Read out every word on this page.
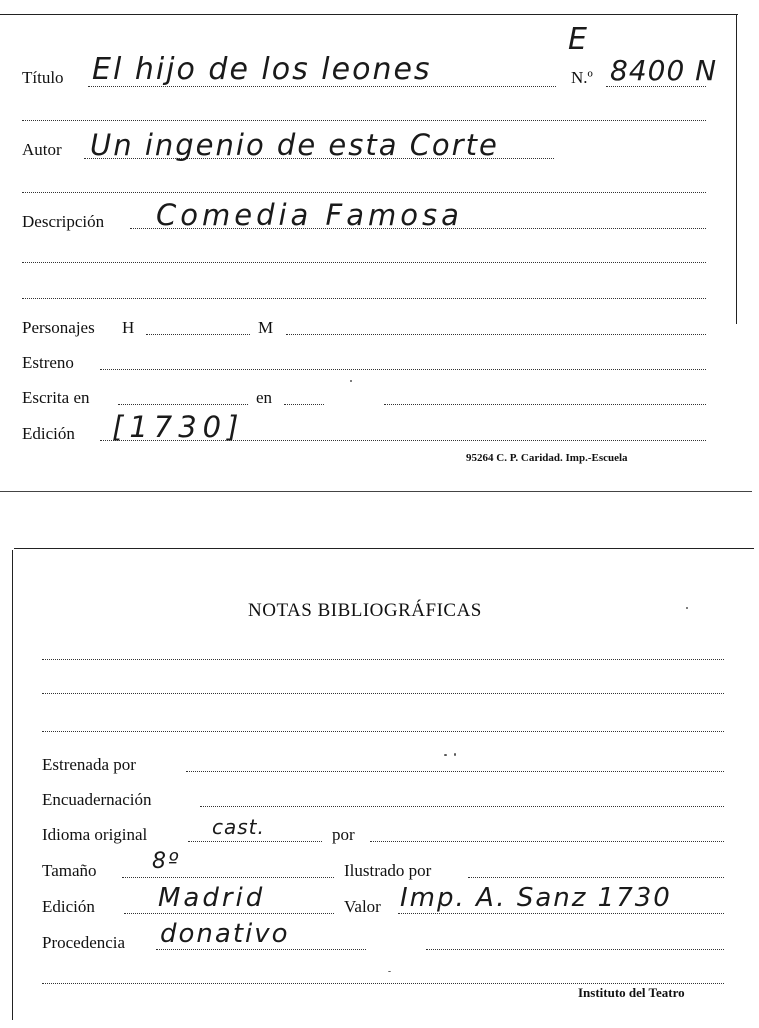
Título El hijo de los leones	N.º 8400 N
E
Autor Un ingenio de esta Corte
Descripción Comedia Famosa
Personajes H	M
Estreno
Escrita en	en
Edición [1730]
95264 C. P. Caridad. Imp.-Escuela
NOTAS BIBLIOGRÁFICAS
Estrenada por
Encuadernación
Idioma original	cast.	por
Tamaño	8º	Ilustrado por
Edición Madrid	Valor Imp. A. Sanz 1730
Procedencia donativo
Instituto del Teatro
